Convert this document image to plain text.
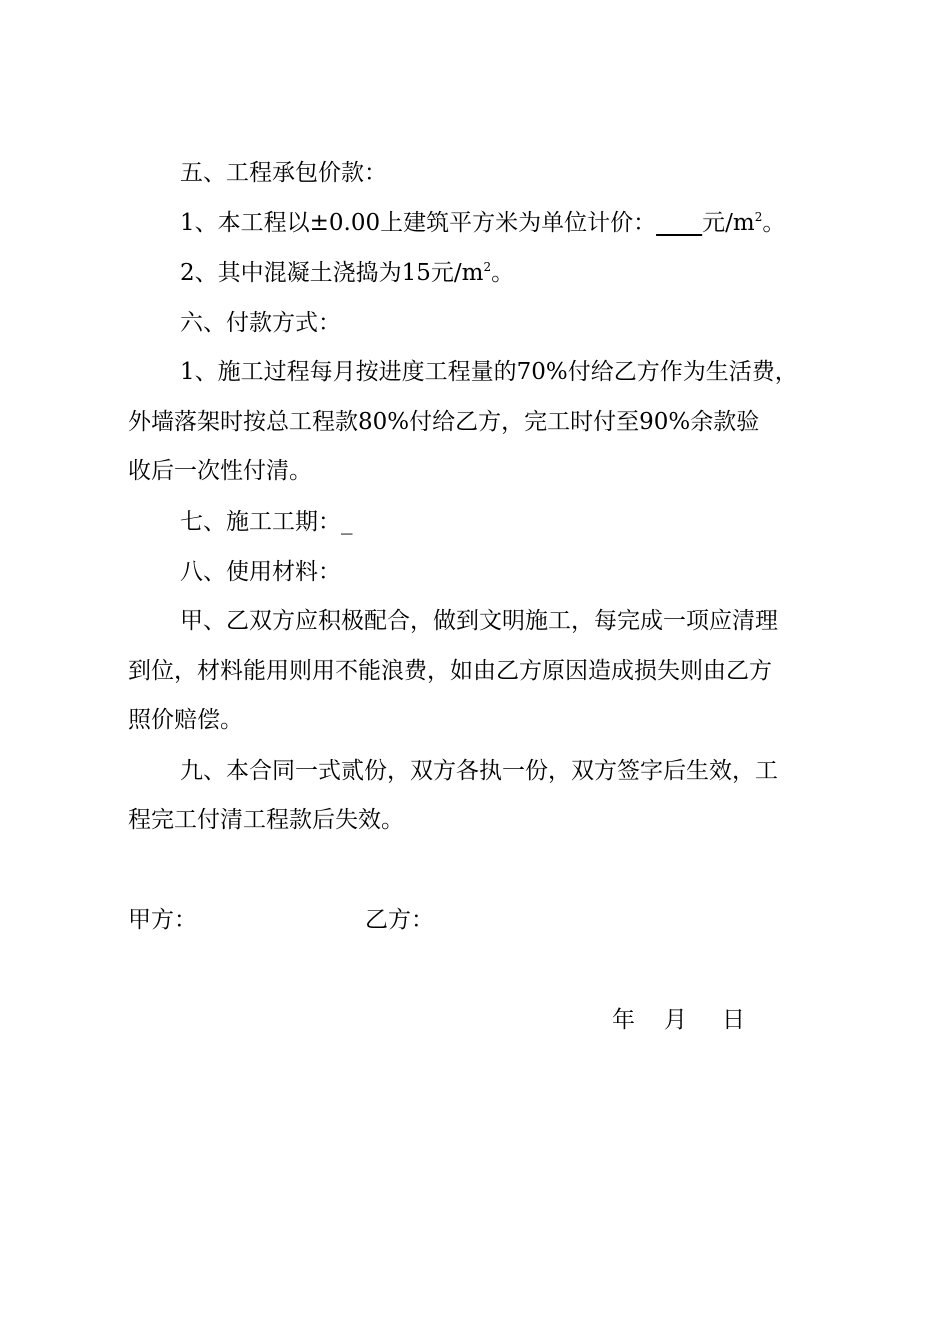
五、工程承包价款：
1、本工程以±0.00上建筑平方米为单位计价：____元$/m^2$。
2、其中混凝土浇捣为15元$/m^2$。
六、付款方式：
1、施工过程每月按进度工程量的70%付给乙方作为生活费，
外墙落架时按总工程款80%付给乙方，完工时付至90%余款验
收后一次性付清。
七、施工工期：_
八、使用材料：
甲、乙双方应积极配合，做到文明施工，每完成一项应清理
到位，材料能用则用不能浪费，如由乙方原因造成损失则由乙方
照价赔偿。
九、本合同一式贰份，双方各执一份，双方签字后生效，工
程完工付清工程款后失效。
甲方：	乙方：
年 月 日
